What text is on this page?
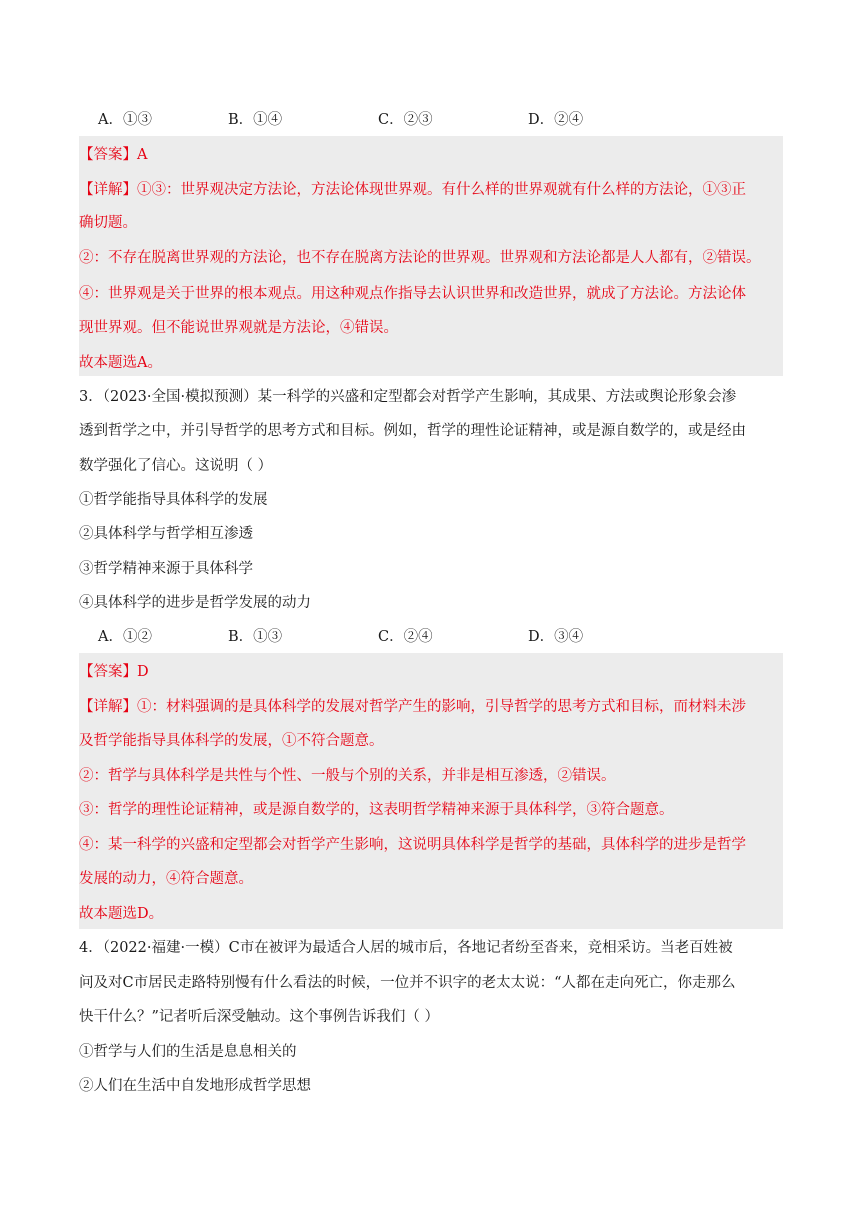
A．①③	B．①④	C．②③	D．②④
【答案】A
【详解】①③：世界观决定方法论，方法论体现世界观。有什么样的世界观就有什么样的方法论，①③正
确切题。
②：不存在脱离世界观的方法论，也不存在脱离方法论的世界观。世界观和方法论都是人人都有，②错误。
④：世界观是关于世界的根本观点。用这种观点作指导去认识世界和改造世界，就成了方法论。方法论体
现世界观。但不能说世界观就是方法论，④错误。
故本题选A。
3．（2023·全国·模拟预测）某一科学的兴盛和定型都会对哲学产生影响，其成果、方法或舆论形象会渗
透到哲学之中，并引导哲学的思考方式和目标。例如，哲学的理性论证精神，或是源自数学的，或是经由
数学强化了信心。这说明（ ）
①哲学能指导具体科学的发展
②具体科学与哲学相互渗透
③哲学精神来源于具体科学
④具体科学的进步是哲学发展的动力
A．①②	B．①③	C．②④	D．③④
【答案】D
【详解】①：材料强调的是具体科学的发展对哲学产生的影响，引导哲学的思考方式和目标，而材料未涉
及哲学能指导具体科学的发展，①不符合题意。
②：哲学与具体科学是共性与个性、一般与个别的关系，并非是相互渗透，②错误。
③：哲学的理性论证精神，或是源自数学的，这表明哲学精神来源于具体科学，③符合题意。
④：某一科学的兴盛和定型都会对哲学产生影响，这说明具体科学是哲学的基础，具体科学的进步是哲学
发展的动力，④符合题意。
故本题选D。
4．（2022·福建·一模）C市在被评为最适合人居的城市后，各地记者纷至沓来，竞相采访。当老百姓被
问及对C市居民走路特别慢有什么看法的时候，一位并不识字的老太太说：“人都在走向死亡，你走那么
快干什么？”记者听后深受触动。这个事例告诉我们（ ）
①哲学与人们的生活是息息相关的
②人们在生活中自发地形成哲学思想
